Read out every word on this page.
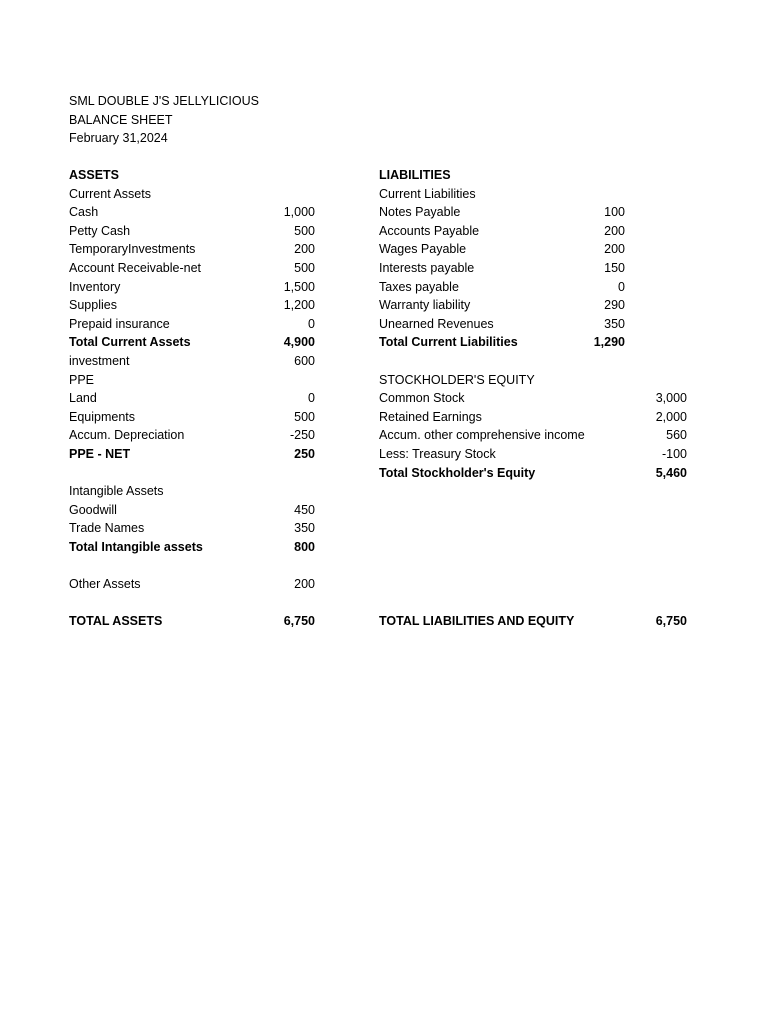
SML DOUBLE J'S JELLYLICIOUS
BALANCE SHEET
February 31,2024
ASSETS
Current Assets
Cash	1,000
Petty Cash	500
TemporaryInvestments	200
Account Receivable-net	500
Inventory	1,500
Supplies	1,200
Prepaid insurance	0
Total Current Assets	4,900
investment	600
PPE
Land	0
Equipments	500
Accum. Depreciation	-250
PPE - NET	250
Intangible Assets
Goodwill	450
Trade Names	350
Total Intangible assets	800
Other Assets	200
TOTAL ASSETS	6,750
LIABILITIES
Current Liabilities
Notes Payable	100
Accounts Payable	200
Wages Payable	200
Interests payable	150
Taxes payable	0
Warranty liability	290
Unearned Revenues	350
Total Current Liabilities	1,290
STOCKHOLDER'S EQUITY
Common Stock	3,000
Retained Earnings	2,000
Accum. other comprehensive income	560
Less: Treasury Stock	-100
Total Stockholder's Equity	5,460
TOTAL LIABILITIES AND EQUITY	6,750
